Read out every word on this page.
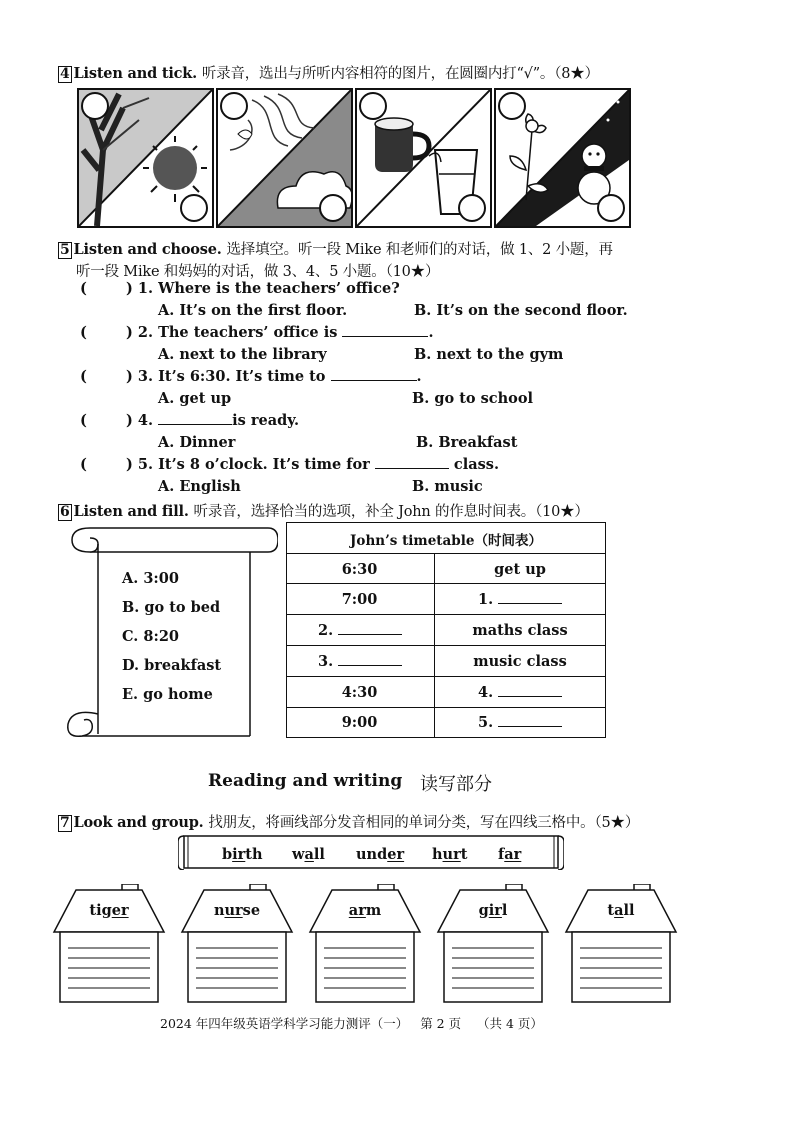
4 Listen and tick. 听录音，选出与所听内容相符的图片，在圆圈内打“√”。（8★）
5 Listen and choose. 选择填空。听一段 Mike 和老师们的对话，做 1、2 小题，再
听一段 Mike 和妈妈的对话，做 3、4、5 小题。（10★）
(	) 1. Where is the teachers’ office?
A. It’s on the first floor.	B. It’s on the second floor.
(	) 2. The teachers’ office is	.
A. next to the library	B. next to the gym
(	) 3. It’s 6:30. It’s time to	.
A. get up	B. go to school
(	) 4.	is ready.
A. Dinner	B. Breakfast
(	) 5. It’s 8 o’clock. It’s time for	class.
A. English	B. music
6 Listen and fill. 听录音，选择恰当的选项，补全 John 的作息时间表。（10★）
A. 3:00
B. go to bed
C. 8:20
D. breakfast
E. go home
John’s timetable（时间表）
6:30	get up
7:00	1.
2.	maths class
3.	music class
4:30	4.
9:00	5.
Reading and writing 读写部分
7 Look and group. 找朋友，将画线部分发音相同的单词分类，写在四线三格中。（5★）
birth wall under hurt far
tiger	nurse	arm	girl	tall
2024 年四年级英语学科学习能力测评（一）   第 2 页    （共 4 页）
